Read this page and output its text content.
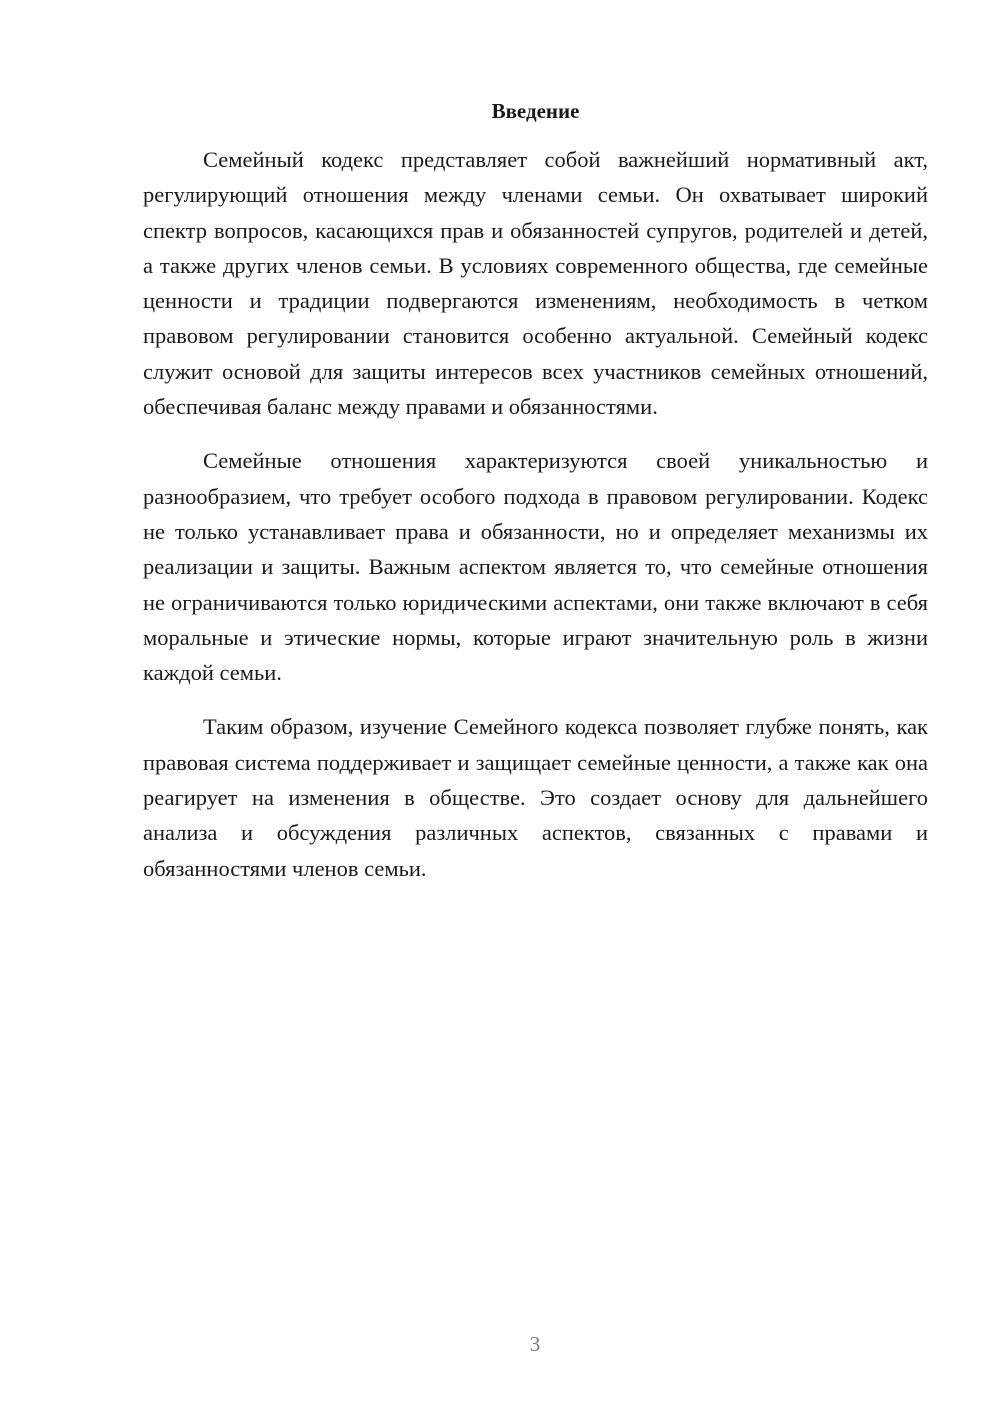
Введение

Семейный кодекс представляет собой важнейший нормативный акт, регулирующий отношения между членами семьи. Он охватывает широкий спектр вопросов, касающихся прав и обязанностей супругов, родителей и детей, а также других членов семьи. В условиях современного общества, где семейные ценности и традиции подвергаются изменениям, необходимость в четком правовом регулировании становится особенно актуальной. Семейный кодекс служит основой для защиты интересов всех участников семейных отношений, обеспечивая баланс между правами и обязанностями.

Семейные отношения характеризуются своей уникальностью и разнообразием, что требует особого подхода в правовом регулировании. Кодекс не только устанавливает права и обязанности, но и определяет механизмы их реализации и защиты. Важным аспектом является то, что семейные отношения не ограничиваются только юридическими аспектами, они также включают в себя моральные и этические нормы, которые играют значительную роль в жизни каждой семьи.

Таким образом, изучение Семейного кодекса позволяет глубже понять, как правовая система поддерживает и защищает семейные ценности, а также как она реагирует на изменения в обществе. Это создает основу для дальнейшего анализа и обсуждения различных аспектов, связанных с правами и обязанностями членов семьи.

3
